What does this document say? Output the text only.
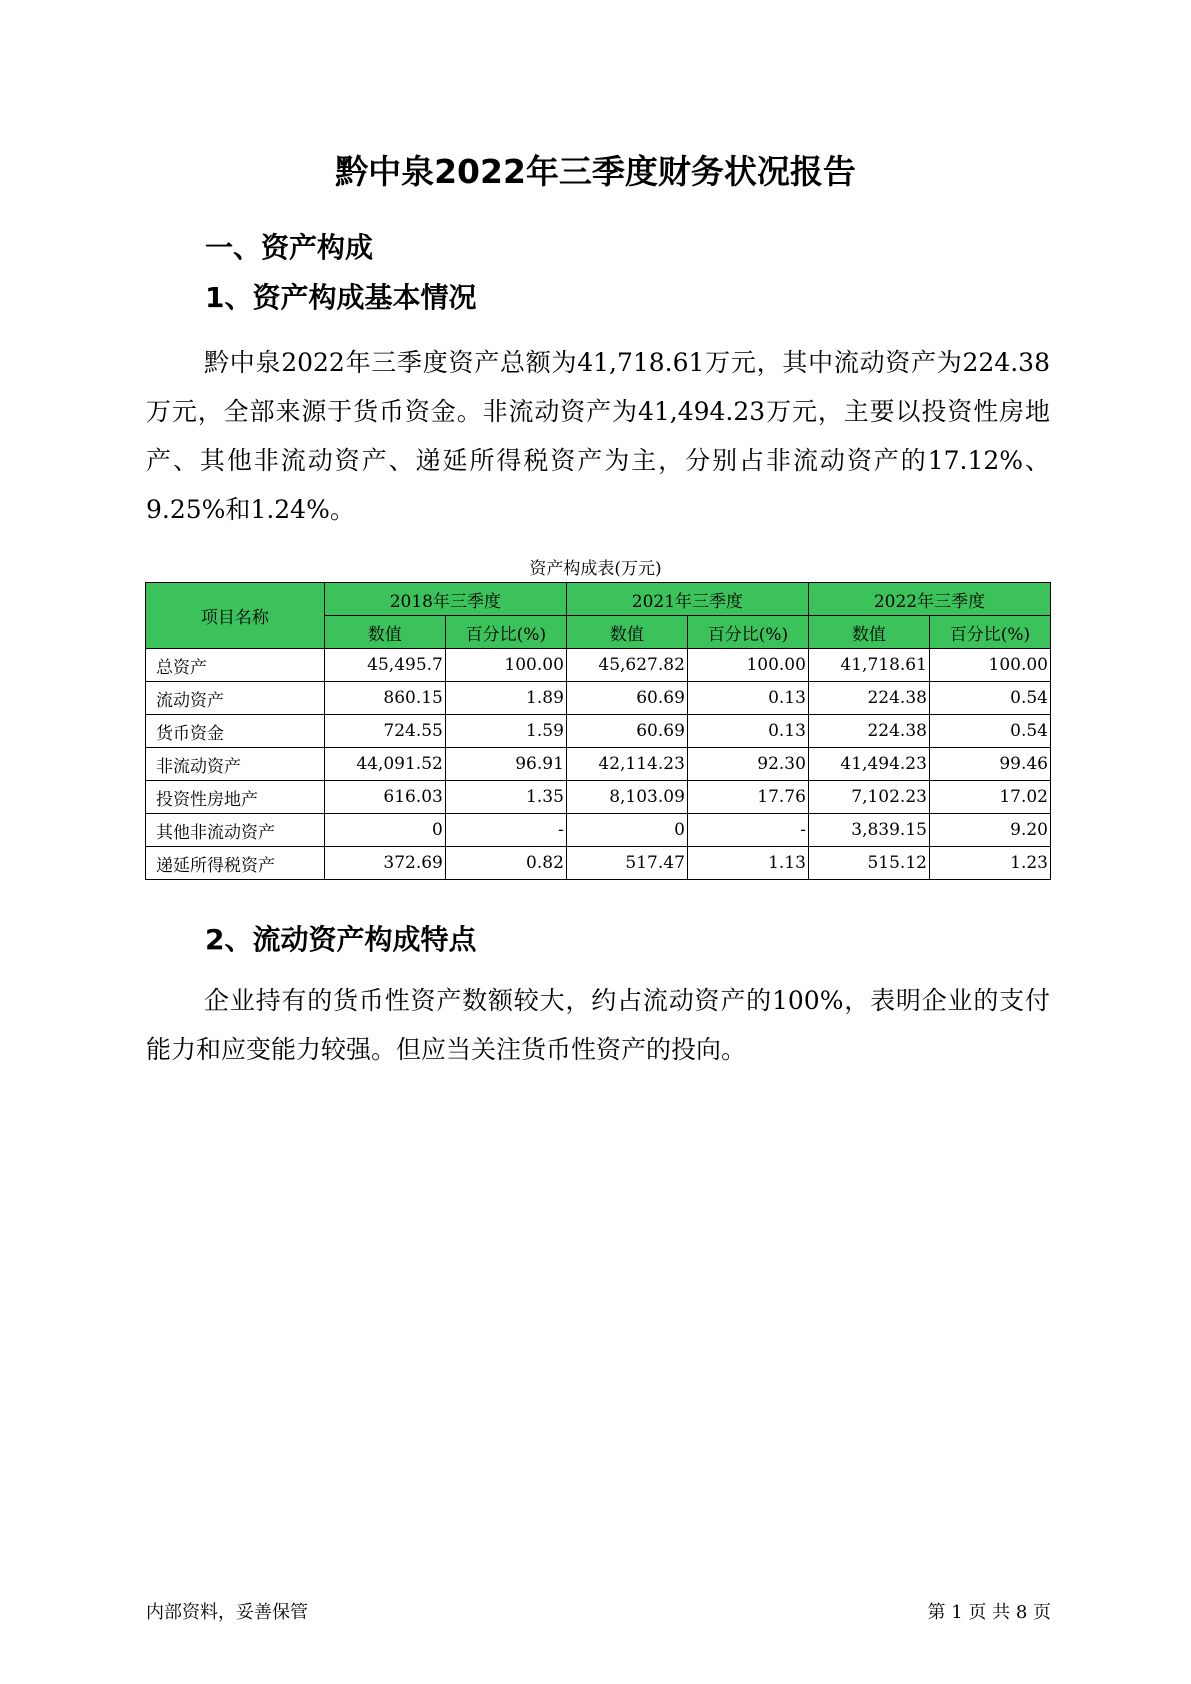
黔中泉2022年三季度财务状况报告
一、资产构成
1、资产构成基本情况
黔中泉2022年三季度资产总额为41,718.61万元，其中流动资产为224.38万元，全部来源于货币资金。非流动资产为41,494.23万元，主要以投资性房地产、其他非流动资产、递延所得税资产为主，分别占非流动资产的17.12%、9.25%和1.24%。
资产构成表(万元)
项目名称	2018年三季度		2021年三季度		2022年三季度	
	数值	百分比(%)	数值	百分比(%)	数值	百分比(%)
总资产	45,495.7	100.00	45,627.82	100.00	41,718.61	100.00
流动资产	860.15	1.89	60.69	0.13	224.38	0.54
货币资金	724.55	1.59	60.69	0.13	224.38	0.54
非流动资产	44,091.52	96.91	42,114.23	92.30	41,494.23	99.46
投资性房地产	616.03	1.35	8,103.09	17.76	7,102.23	17.02
其他非流动资产	0	-	0	-	3,839.15	9.20
递延所得税资产	372.69	0.82	517.47	1.13	515.12	1.23
2、流动资产构成特点
企业持有的货币性资产数额较大，约占流动资产的100%，表明企业的支付能力和应变能力较强。但应当关注货币性资产的投向。
内部资料，妥善保管	第 1 页 共 8 页
